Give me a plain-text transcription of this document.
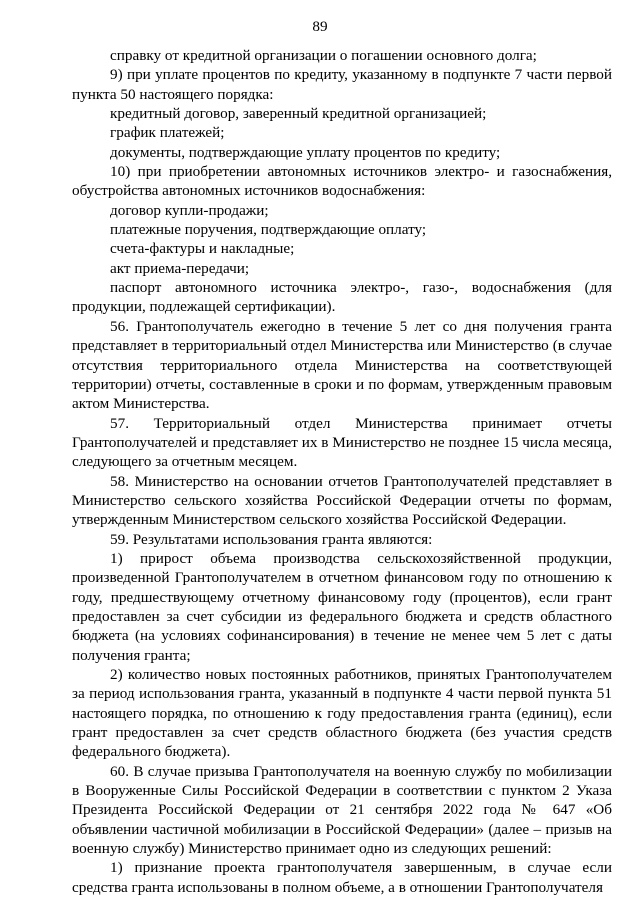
89

справку от кредитной организации о погашении основного долга;

9) при уплате процентов по кредиту, указанному в подпункте 7 части первой пункта 50 настоящего порядка:

кредитный договор, заверенный кредитной организацией;

график платежей;

документы, подтверждающие уплату процентов по кредиту;

10) при приобретении автономных источников электро- и газоснабжения, обустройства автономных источников водоснабжения:

договор купли-продажи;

платежные поручения, подтверждающие оплату;

счета-фактуры и накладные;

акт приема-передачи;

паспорт автономного источника электро-, газо-, водоснабжения (для продукции, подлежащей сертификации).

56. Грантополучатель ежегодно в течение 5 лет со дня получения гранта представляет в территориальный отдел Министерства или Министерство (в случае отсутствия территориального отдела Министерства на соответствующей территории) отчеты, составленные в сроки и по формам, утвержденным правовым актом Министерства.

57. Территориальный отдел Министерства принимает отчеты Грантополучателей и представляет их в Министерство не позднее 15 числа месяца, следующего за отчетным месяцем.

58. Министерство на основании отчетов Грантополучателей представляет в Министерство сельского хозяйства Российской Федерации отчеты по формам, утвержденным Министерством сельского хозяйства Российской Федерации.

59. Результатами использования гранта являются:

1) прирост объема производства сельскохозяйственной продукции, произведенной Грантополучателем в отчетном финансовом году по отношению к году, предшествующему отчетному финансовому году (процентов), если грант предоставлен за счет субсидии из федерального бюджета и средств областного бюджета (на условиях софинансирования) в течение не менее чем 5 лет с даты получения гранта;

2) количество новых постоянных работников, принятых Грантополучателем за период использования гранта, указанный в подпункте 4 части первой пункта 51 настоящего порядка, по отношению к году предоставления гранта (единиц), если грант предоставлен за счет средств областного бюджета (без участия средств федерального бюджета).

60. В случае призыва Грантополучателя на военную службу по мобилизации в Вооруженные Силы Российской Федерации в соответствии с пунктом 2 Указа Президента Российской Федерации от 21 сентября 2022 года № 647 «Об объявлении частичной мобилизации в Российской Федерации» (далее – призыв на военную службу) Министерство принимает одно из следующих решений:

1) признание проекта грантополучателя завершенным, в случае если средства гранта использованы в полном объеме, а в отношении Грантополучателя
